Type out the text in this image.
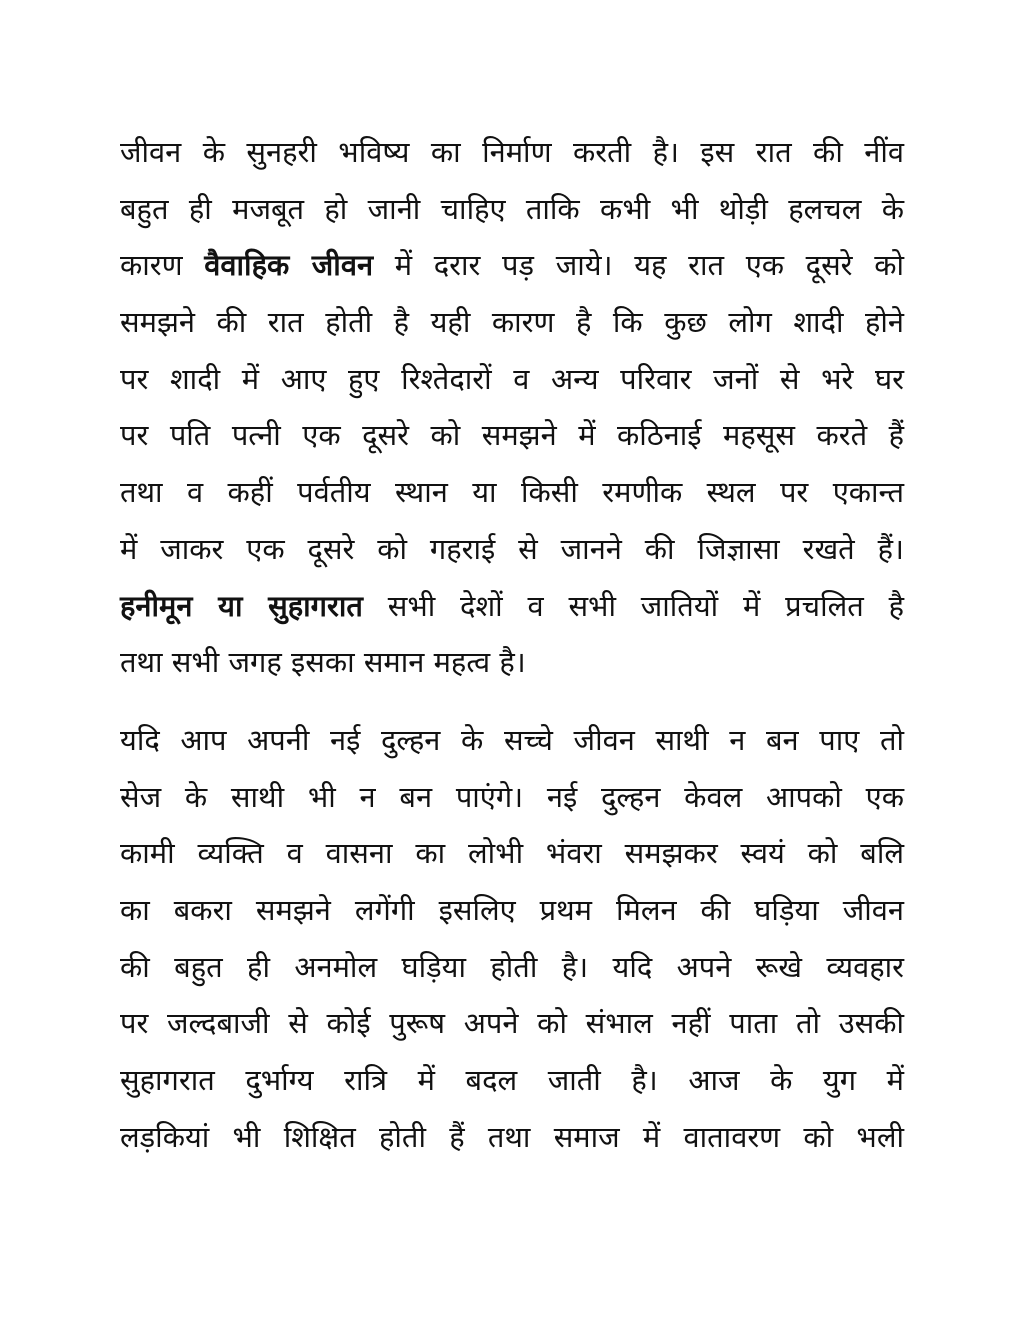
जीवन के सुनहरी भविष्य का निर्माण करती है। इस रात की नींव
बहुत ही मजबूत हो जानी चाहिए ताकि कभी भी थोड़ी हलचल के
कारण वैवाहिक जीवन में दरार पड़ जाये। यह रात एक दूसरे को
समझने की रात होती है यही कारण है कि कुछ लोग शादी होने
पर शादी में आए हुए रिश्तेदारों व अन्य परिवार जनों से भरे घर
पर पति पत्नी एक दूसरे को समझने में कठिनाई महसूस करते हैं
तथा व कहीं पर्वतीय स्थान या किसी रमणीक स्थल पर एकान्त
में जाकर एक दूसरे को गहराई से जानने की जिज्ञासा रखते हैं।
हनीमून या सुहागरात सभी देशों व सभी जातियों में प्रचलित है
तथा सभी जगह इसका समान महत्व है।

यदि आप अपनी नई दुल्हन के सच्चे जीवन साथी न बन पाए तो
सेज के साथी भी न बन पाएंगे। नई दुल्हन केवल आपको एक
कामी व्यक्ति व वासना का लोभी भंवरा समझकर स्वयं को बलि
का बकरा समझने लगेंगी इसलिए प्रथम मिलन की घड़िया जीवन
की बहुत ही अनमोल घड़िया होती है। यदि अपने रूखे व्यवहार
पर जल्दबाजी से कोई पुरूष अपने को संभाल नहीं पाता तो उसकी
सुहागरात दुर्भाग्य रात्रि में बदल जाती है। आज के युग में
लड़कियां भी शिक्षित होती हैं तथा समाज में वातावरण को भली
